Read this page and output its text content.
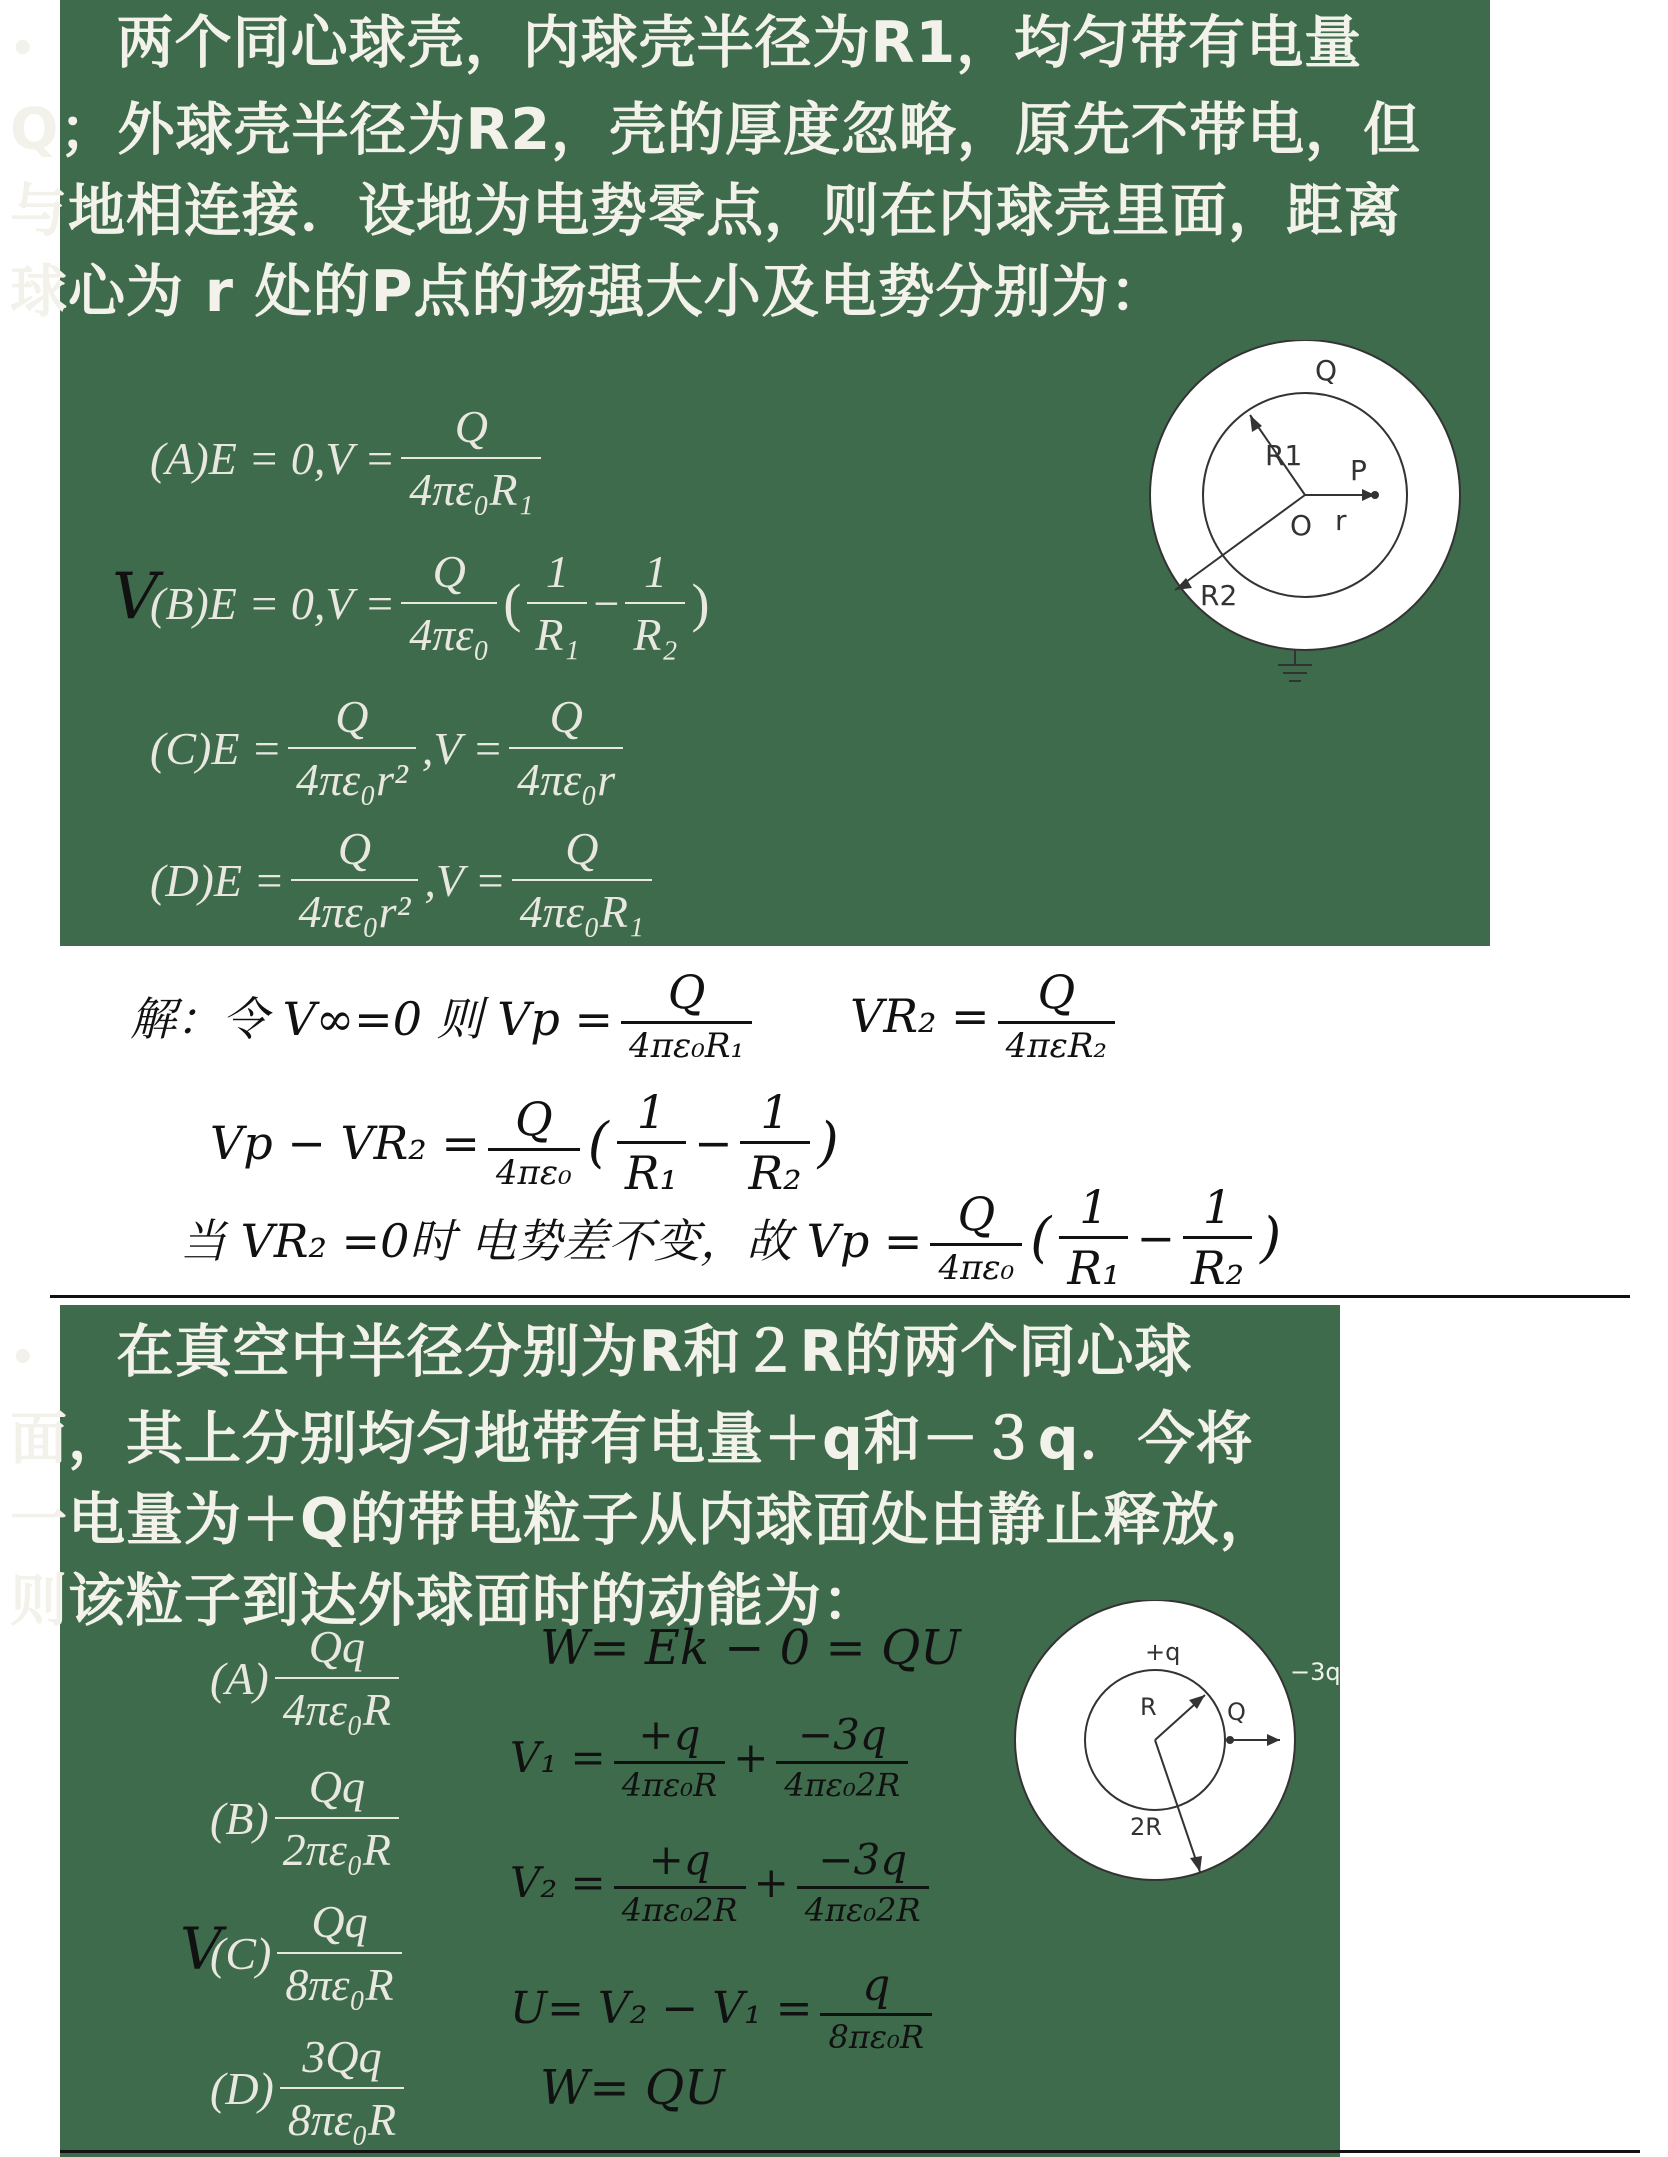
• 两个同心球壳，内球壳半径为R1，均匀带有电量Q；外球壳半径为R2，壳的厚度忽略，原先不带电，但与地相连接．设地为电势零点，则在内球壳里面，距离球心为 r 处的P点的场强大小及电势分别为：
$(A)E = 0,V = \frac{Q}{\text{4πε₀R₁}}$
V
$(B)E = 0,V = \frac{Q}{\text{4πε₀}}$ ( $\frac{1}{\text{R₁}} - \frac{1}{\text{R₂}}$ )
$(C)E = \frac{Q}{\text{4πε₀r²}} ,V = \frac{Q}{\text{4πε₀r}}$
$(D)E = \frac{Q}{\text{4πε₀r²}} ,V = \frac{Q}{\text{4πε₀R₁}}$
Q
R1 P
O r
R2
解：令 V∞=0 则 $Vp = \frac{Q}{\text{4πε₀R₁}} VR_2 = \frac{Q}{\text{4πεR₂}}$
$Vp - VR_2 = \frac{Q}{\text{4πε₀}}$ ( $\frac{1}{\text{R₁}} - \frac{1}{\text{R₂}}$ )
当 VR₂ =0时 电势差不变，故 $Vp = \frac{Q}{\text{4πε₀}}$ ( $\frac{1}{\text{R₁}} - \frac{1}{\text{R₂}}$ )
• 在真空中半径分别为R和２R的两个同心球面，其上分别均匀地带有电量＋q和－３q．今将一电量为＋Q的带电粒子从内球面处由静止释放，则该粒子到达外球面时的动能为：
$(A) \frac{Qq}{\text{4πε₀R}}$
$(B) \frac{Qq}{\text{2πε₀R}}$
V
$(C) \frac{Qq}{\text{8πε₀R}}$
$(D) \frac{3Qq}{\text{8πε₀R}}$
+q
−3q
R	Q
2R
W= Ek − 0 = QU
$V_1 = \frac{+q}{\text{4πε₀R}} + \frac{-3q}{\text{4πε₀2R}}$
$V_2 = \frac{+q}{\text{4πε₀2R}} + \frac{-3q}{\text{4πε₀2R}}$
$U= V_2 - V_1 = \frac{q}{\text{8πε₀R}}$
W= QU
